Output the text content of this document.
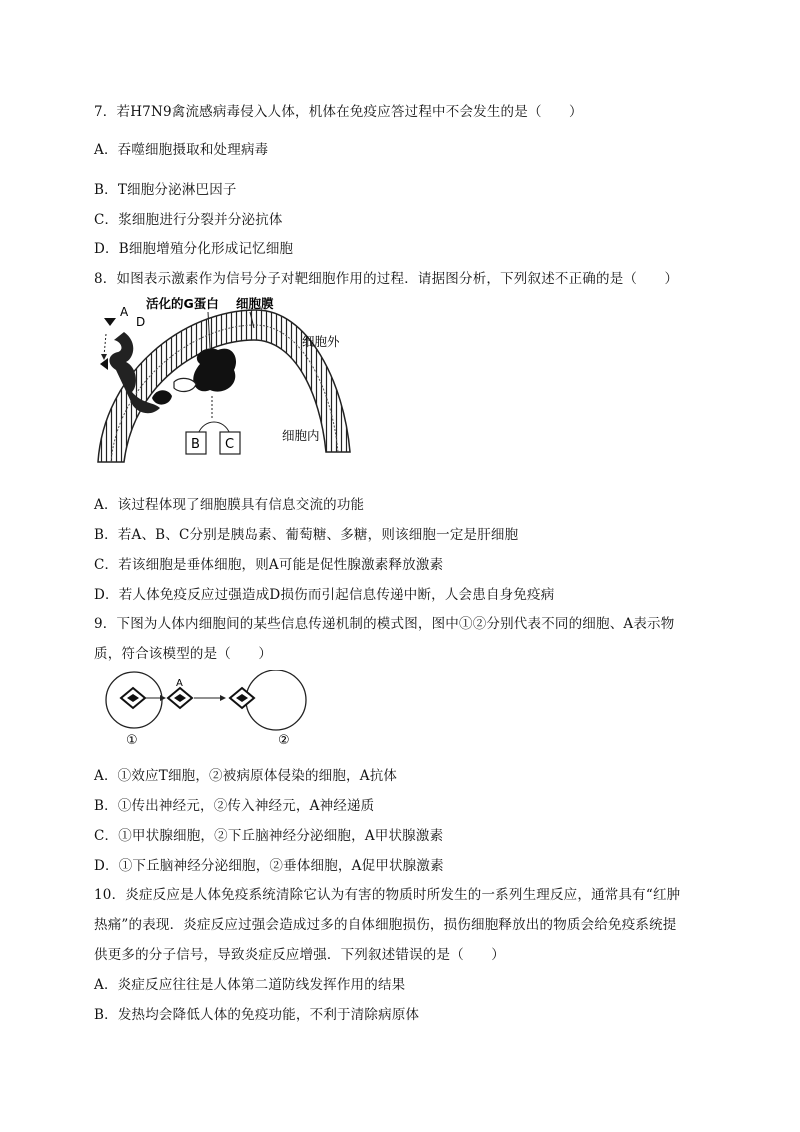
7．若H7N9禽流感病毒侵入人体，机体在免疫应答过程中不会发生的是（　　）
A．吞噬细胞摄取和处理病毒
B．T细胞分泌淋巴因子
C．浆细胞进行分裂并分泌抗体
D．B细胞增殖分化形成记忆细胞
8．如图表示激素作为信号分子对靶细胞作用的过程．请据图分析，下列叙述不正确的是（　　）
A
D
活化的G蛋白 细胞膜
细胞外
细胞内
B C
A．该过程体现了细胞膜具有信息交流的功能
B．若A、B、C分别是胰岛素、葡萄糖、多糖，则该细胞一定是肝细胞
C．若该细胞是垂体细胞，则A可能是促性腺激素释放激素
D．若人体免疫反应过强造成D损伤而引起信息传递中断，人会患自身免疫病
9．下图为人体内细胞间的某些信息传递机制的模式图，图中①②分别代表不同的细胞、A表示物
质，符合该模型的是（　　）
A
①	②
A．①效应T细胞，②被病原体侵染的细胞，A抗体
B．①传出神经元，②传入神经元，A神经递质
C．①甲状腺细胞，②下丘脑神经分泌细胞，A甲状腺激素
D．①下丘脑神经分泌细胞，②垂体细胞，A促甲状腺激素
10．炎症反应是人体免疫系统清除它认为有害的物质时所发生的一系列生理反应，通常具有“红肿
热痛”的表现．炎症反应过强会造成过多的自体细胞损伤，损伤细胞释放出的物质会给免疫系统提
供更多的分子信号，导致炎症反应增强．下列叙述错误的是（　　）
A．炎症反应往往是人体第二道防线发挥作用的结果
B．发热均会降低人体的免疫功能，不利于清除病原体
